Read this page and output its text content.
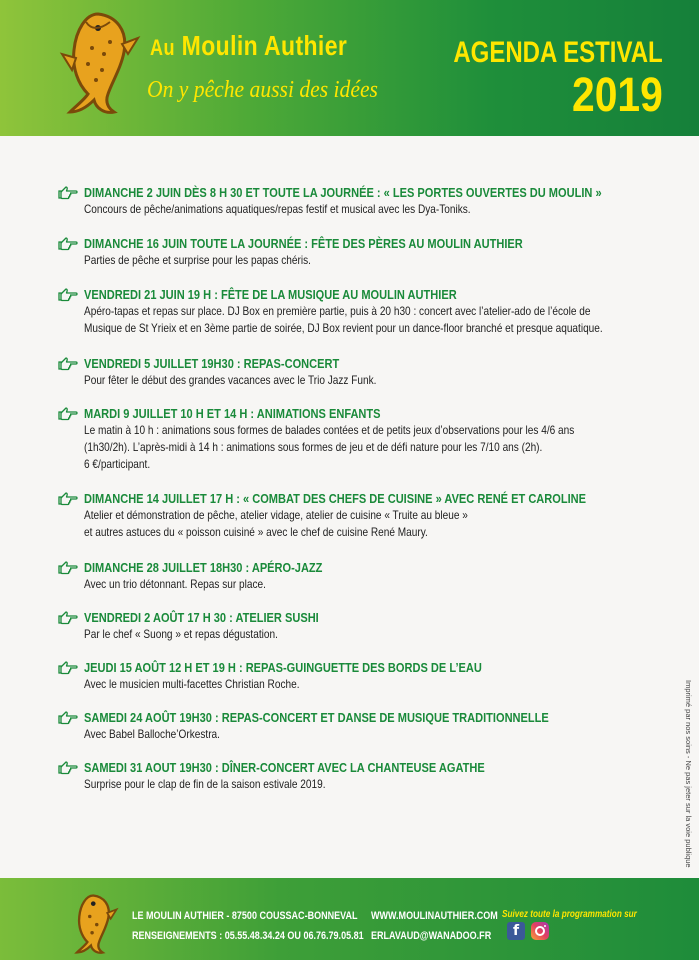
Au Moulin Authier
On y pêche aussi des idées
AGENDA ESTIVAL
2019
DIMANCHE 2 JUIN DÈS 8 H 30 ET TOUTE LA JOURNÉE : « LES PORTES OUVERTES DU MOULIN »
Concours de pêche/animations aquatiques/repas festif et musical avec les Dya-Toniks.
DIMANCHE 16 JUIN TOUTE LA JOURNÉE : FÊTE DES PÈRES AU MOULIN AUTHIER
Parties de pêche et surprise pour les papas chéris.
VENDREDI 21 JUIN 19 H : FÊTE DE LA MUSIQUE AU MOULIN AUTHIER
Apéro-tapas et repas sur place. DJ Box en première partie, puis à 20 h30 : concert avec l’atelier-ado de l’école de
Musique de St Yrieix et en 3ème partie de soirée, DJ Box revient pour un dance-floor branché et presque aquatique.
VENDREDI 5 JUILLET 19H30 : REPAS-CONCERT
Pour fêter le début des grandes vacances avec le Trio Jazz Funk.
MARDI 9 JUILLET 10 H ET 14 H : ANIMATIONS ENFANTS
Le matin à 10 h : animations sous formes de balades contées et de petits jeux d’observations pour les 4/6 ans
(1h30/2h). L’après-midi à 14 h : animations sous formes de jeu et de défi nature pour les 7/10 ans (2h).
6 €/participant.
DIMANCHE 14 JUILLET 17 H : « COMBAT DES CHEFS DE CUISINE » AVEC RENÉ ET CAROLINE
Atelier et démonstration de pêche, atelier vidage, atelier de cuisine « Truite au bleue »
et autres astuces du « poisson cuisiné » avec le chef de cuisine René Maury.
DIMANCHE 28 JUILLET 18H30 : APÉRO-JAZZ
Avec un trio détonnant. Repas sur place.
VENDREDI 2 AOÛT 17 H 30 : ATELIER SUSHI
Par le chef « Suong » et repas dégustation.
JEUDI 15 AOÛT 12 H ET 19 H : REPAS-GUINGUETTE DES BORDS DE L’EAU
Avec le musicien multi-facettes Christian Roche.
SAMEDI 24 AOÛT 19H30 : REPAS-CONCERT ET DANSE DE MUSIQUE TRADITIONNELLE
Avec Babel Balloche’Orkestra.
SAMEDI 31 AOUT 19H30 : DÎNER-CONCERT AVEC LA CHANTEUSE AGATHE
Surprise pour le clap de fin de la saison estivale 2019.	Imprimé par nos soins - Ne pas jeter sur la voie publique
LE MOULIN AUTHIER - 87500 COUSSAC-BONNEVAL WWW.MOULINAUTHIER.COM Suivez toute la programmation sur
RENSEIGNEMENTS : 05.55.48.34.24 OU 06.76.79.05.81 ERLAVAUD@WANADOO.FR	f
